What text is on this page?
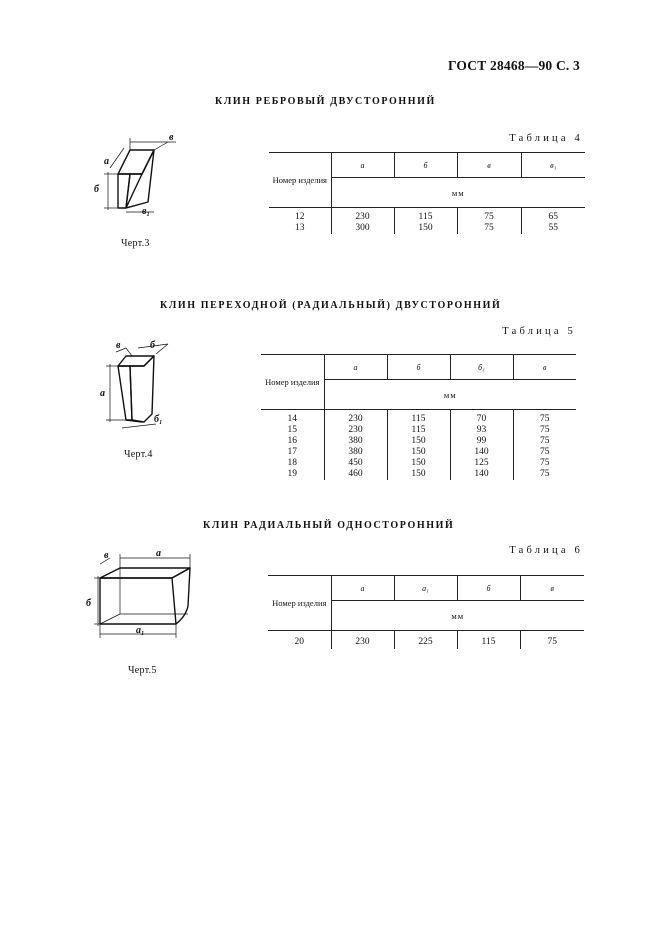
ГОСТ 28468—90 С. 3
КЛИН РЕБРОВЫЙ ДВУСТОРОННИЙ
в
а
б
в₁
Черт.3
Таблица 4
Номер изделия	а	б	в	в₁
	мм			
12	230	115	75	65
13	300	150	75	55
КЛИН ПЕРЕХОДНОЙ (РАДИАЛЬНЫЙ) ДВУСТОРОННИЙ
в	б
а
б₁
Черт.4
Таблица 5
Номер изделия	а	б	б₁	в
	мм			
14	230	115	70	75
15	230	115	93	75
16	380	150	99	75
17	380	150	140	75
18	450	150	125	75
19	460	150	140	75
КЛИН РАДИАЛЬНЫЙ ОДНОСТОРОННИЙ
в	а
б
а₁
Черт.5
Таблица 6
Номер изделия	а	а₁	б	в
	мм			
20	230	225	115	75
